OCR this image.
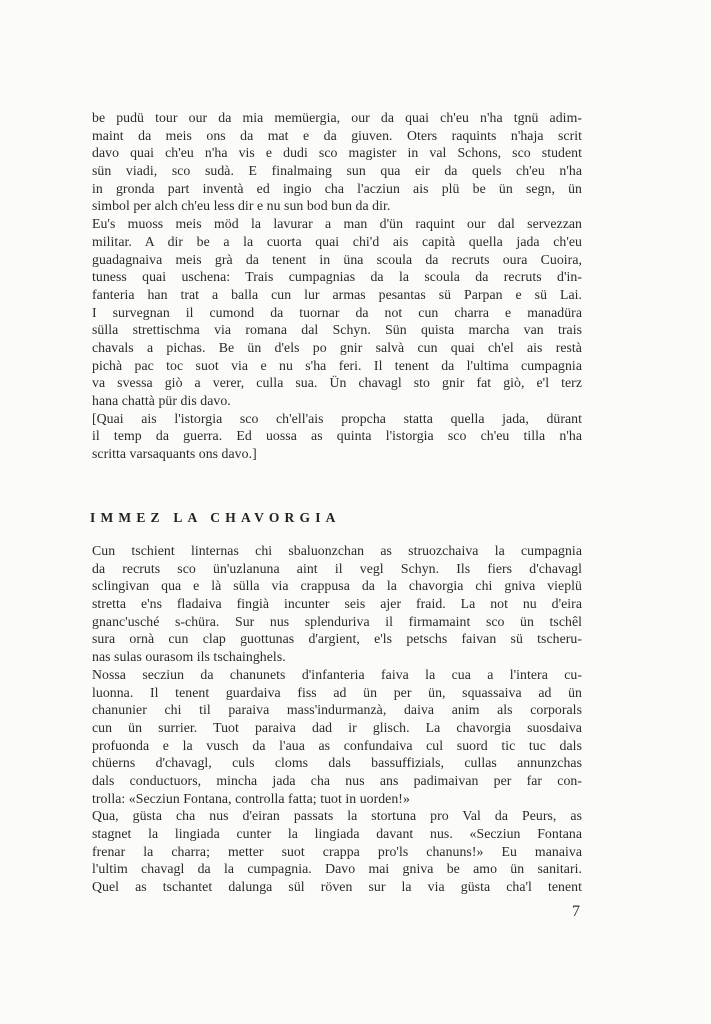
be pudü tour our da mia memüergia, our da quai ch'eu n'ha tgnü adim-
maint da meis ons da mat e da giuven. Oters raquints n'haja scrit
davo quai ch'eu n'ha vis e dudi sco magister in val Schons, sco student
sün viadi, sco sudà. E finalmaing sun qua eir da quels ch'eu n'ha
in gronda part inventà ed ingio cha l'acziun ais plü be ün segn, ün
simbol per alch ch'eu less dir e nu sun bod bun da dir.
Eu's muoss meis möd la lavurar a man d'ün raquint our dal servezzan
militar. A dir be a la cuorta quai chi'd ais capità quella jada ch'eu
guadagnaiva meis grà da tenent in üna scoula da recruts oura Cuoira,
tuness quai uschena: Trais cumpagnias da la scoula da recruts d'in-
fanteria han trat a balla cun lur armas pesantas sü Parpan e sü Lai.
I survegnan il cumond da tuornar da not cun charra e manadüra
sülla strettischma via romana dal Schyn. Sün quista marcha van trais
chavals a pichas. Be ün d'els po gnir salvà cun quai ch'el ais restà
pichà pac toc suot via e nu s'ha feri. Il tenent da l'ultima cumpagnia
va svessa giò a verer, culla sua. Ün chavagl sto gnir fat giò, e'l terz
hana chattà pür dis davo.
[Quai ais l'istorgia sco ch'ell'ais propcha statta quella jada, dürant
il temp da guerra. Ed uossa as quinta l'istorgia sco ch'eu tilla n'ha
scritta varsaquants ons davo.]
IMMEZ LA CHAVORGIA
Cun tschient linternas chi sbaluonzchan as struozchaiva la cumpagnia
da recruts sco ün'uzlanuna aint il vegl Schyn. Ils fiers d'chavagl
sclingivan qua e là sülla via crappusa da la chavorgia chi gniva vieplü
stretta e'ns fladaiva fingià incunter seis ajer fraid. La not nu d'eira
gnanc'usché s-chüra. Sur nus splenduriva il firmamaint sco ün tschêl
sura ornà cun clap guottunas d'argient, e'ls petschs faivan sü tscheru-
nas sulas ourasom ils tschainghels.
Nossa secziun da chanunets d'infanteria faiva la cua a l'intera cu-
luonna. Il tenent guardaiva fiss ad ün per ün, squassaiva ad ün
chanunier chi til paraiva mass'indurmanzà, daiva anim als corporals
cun ün surrier. Tuot paraiva dad ir glisch. La chavorgia suosdaiva
profuonda e la vusch da l'aua as confundaiva cul suord tic tuc dals
chüerns d'chavagl, culs cloms dals bassuffizials, cullas annunzchas
dals conductuors, mincha jada cha nus ans padimaivan per far con-
trolla: «Secziun Fontana, controlla fatta; tuot in uorden!»
Qua, güsta cha nus d'eiran passats la stortuna pro Val da Peurs, as
stagnet la lingiada cunter la lingiada davant nus. «Secziun Fontana
frenar la charra; metter suot crappa pro'ls chanuns!» Eu manaiva
l'ultim chavagl da la cumpagnia. Davo mai gniva be amo ün sanitari.
Quel as tschantet dalunga sül röven sur la via güsta cha'l tenent
7
